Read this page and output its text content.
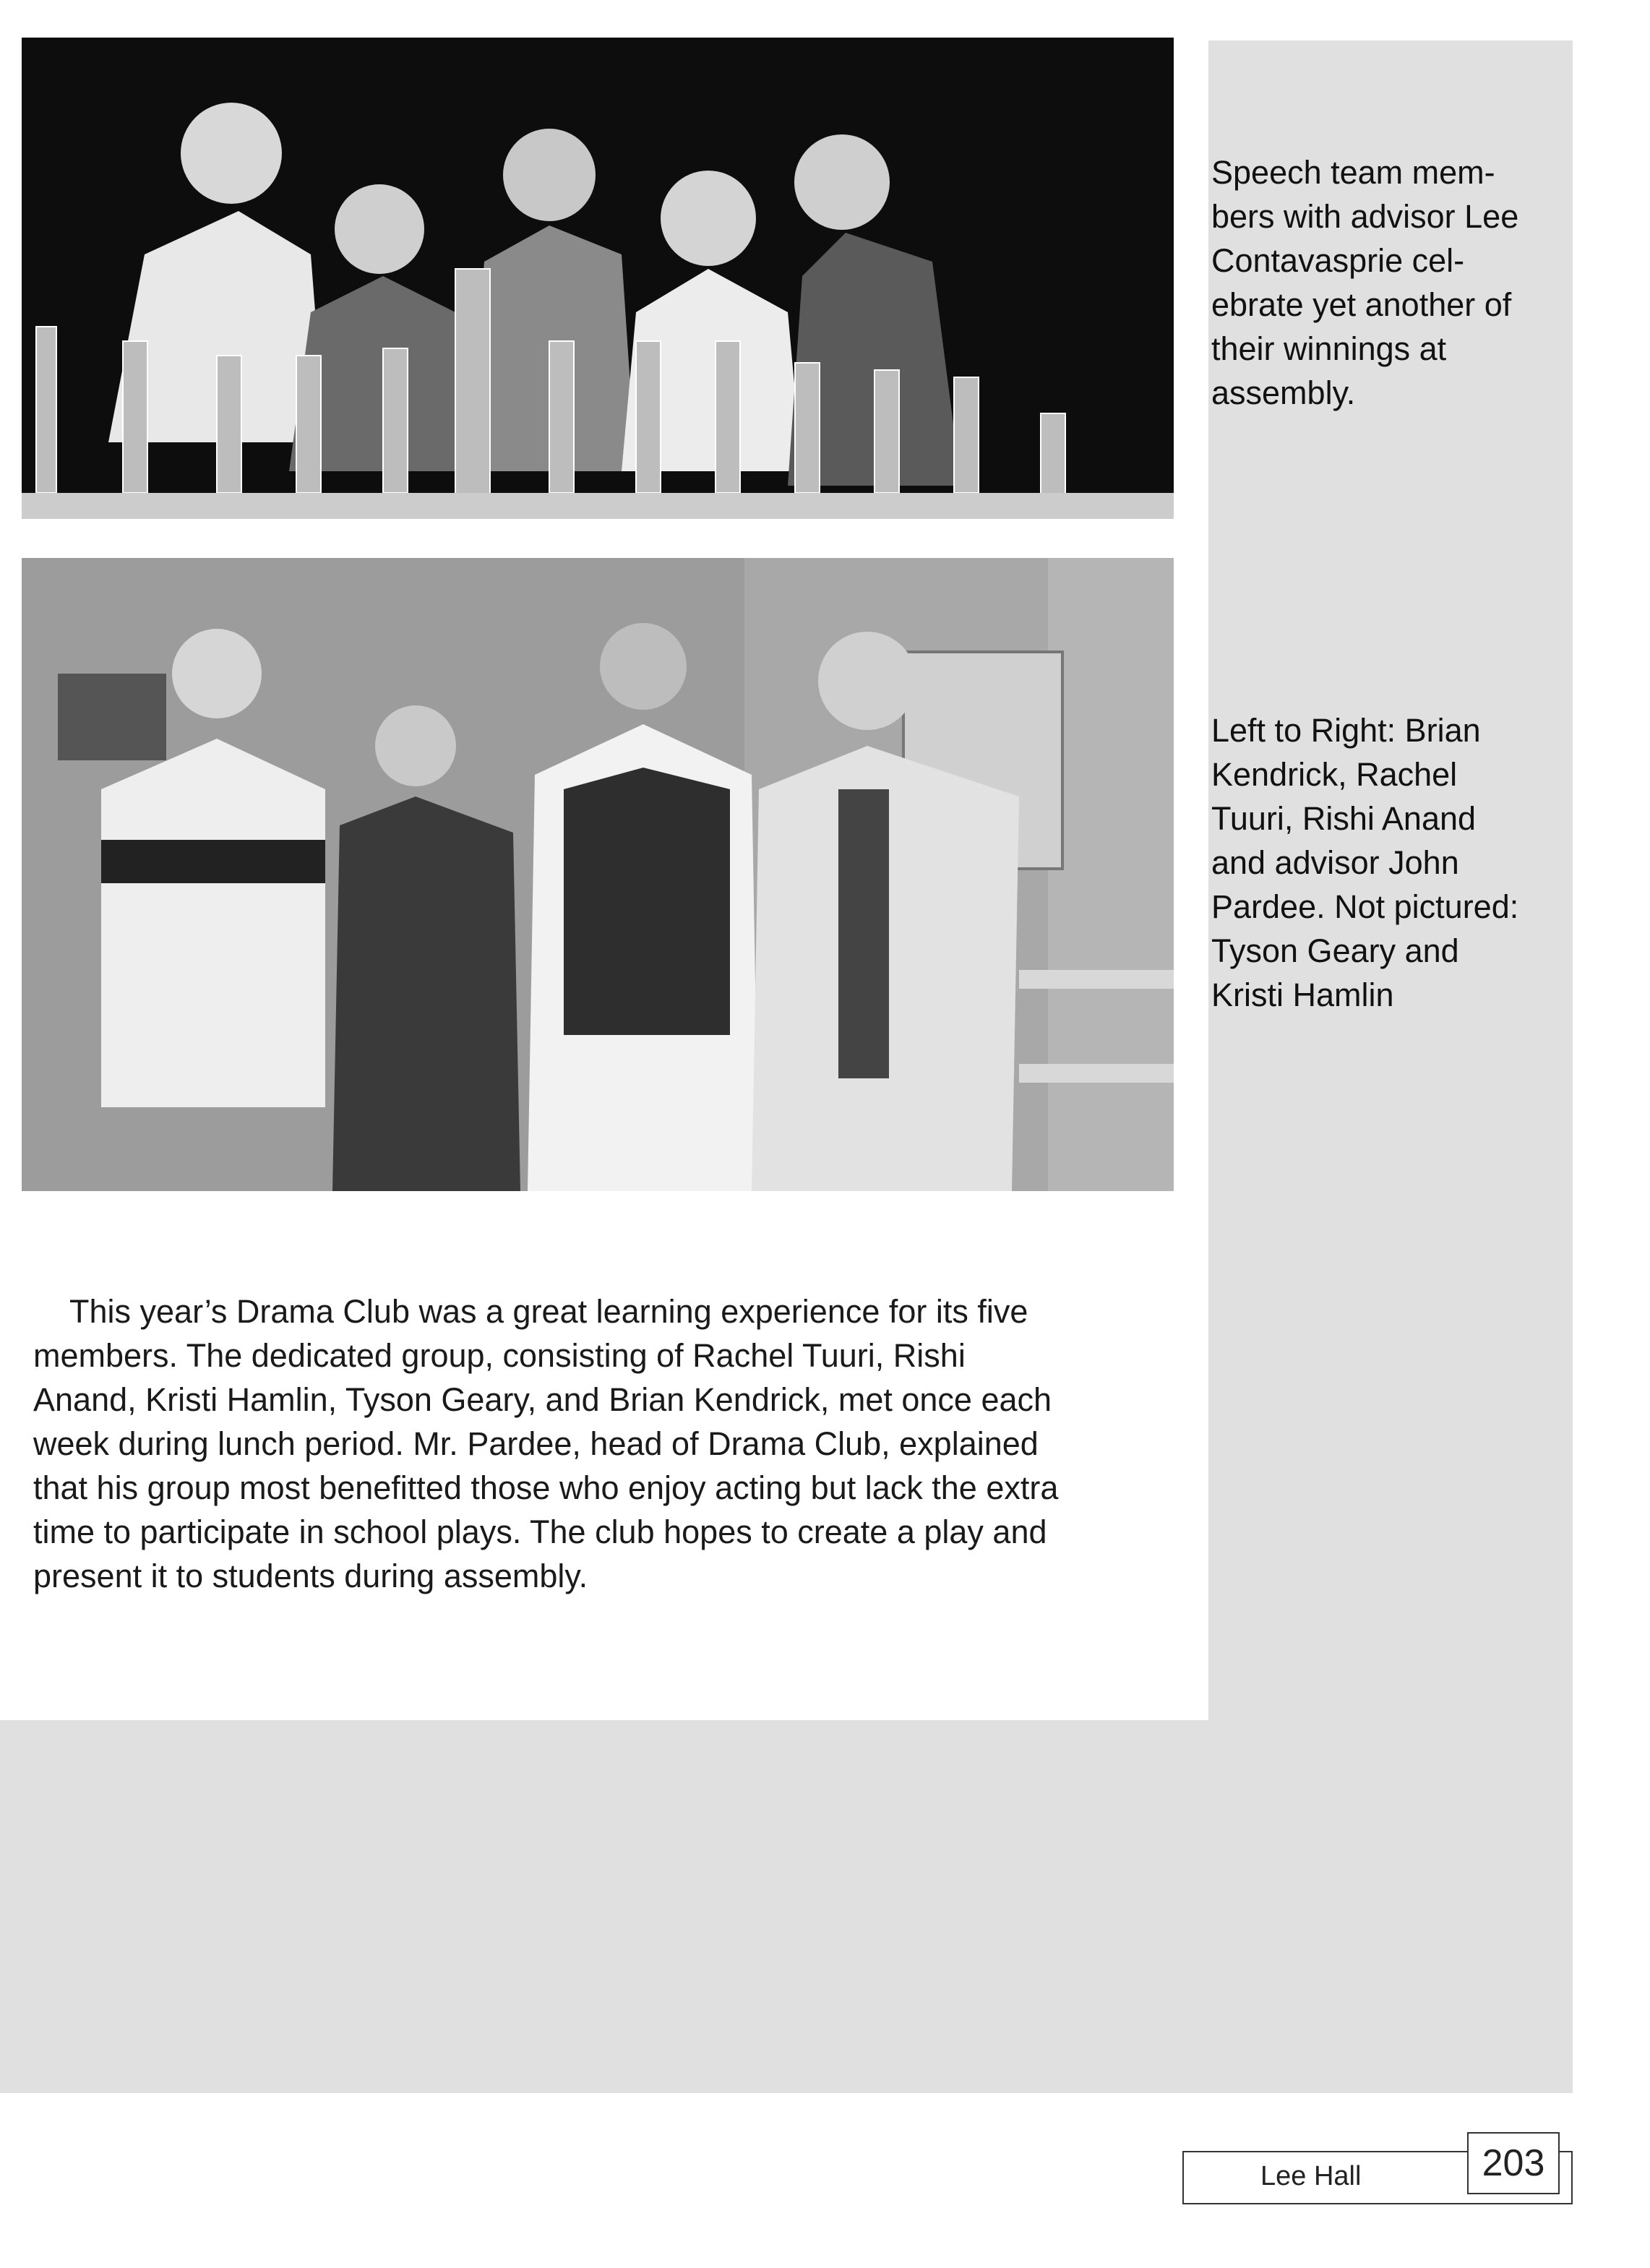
Speech team mem-
bers with advisor Lee
Contavasprie cel-
ebrate yet another of
their winnings at
assembly.
Left to Right: Brian
Kendrick, Rachel
Tuuri, Rishi Anand
and advisor John
Pardee. Not pictured:
Tyson Geary and
Kristi Hamlin
This year’s Drama Club was a great learning experience for its five
members. The dedicated group, consisting of Rachel Tuuri, Rishi
Anand, Kristi Hamlin, Tyson Geary, and Brian Kendrick, met once each
week during lunch period. Mr. Pardee, head of Drama Club, explained
that his group most benefitted those who enjoy acting but lack the extra
time to participate in school plays. The club hopes to create a play and
present it to students during assembly.
Lee Hall	203
